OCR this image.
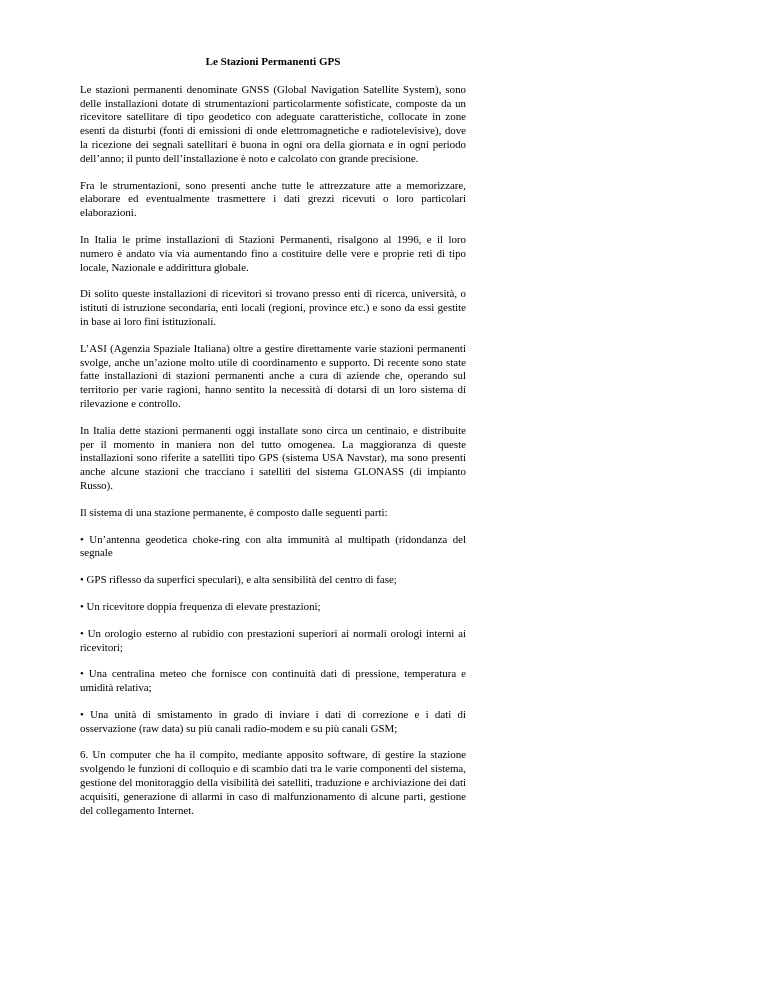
Le Stazioni Permanenti GPS

Le stazioni permanenti denominate GNSS (Global Navigation Satellite System), sono delle installazioni dotate di strumentazioni particolarmente sofisticate, composte da un ricevitore satellitare di tipo geodetico con adeguate caratteristiche, collocate in zone esenti da disturbi (fonti di emissioni di onde elettromagnetiche e radiotelevisive), dove la ricezione dei segnali satellitari è buona in ogni ora della giornata e in ogni periodo dell’anno; il punto dell’installazione è noto e calcolato con grande precisione.

Fra le strumentazioni, sono presenti anche tutte le attrezzature atte a memorizzare, elaborare ed eventualmente trasmettere i dati grezzi ricevuti o loro particolari elaborazioni.

In Italia le prime installazioni di Stazioni Permanenti, risalgono al 1996, e il loro numero è andato via via aumentando fino a costituire delle vere e proprie reti di tipo locale, Nazionale e addirittura globale.

Di solito queste installazioni di ricevitori si trovano presso enti di ricerca, università, o istituti di istruzione secondaria, enti locali (regioni, province etc.) e sono da essi gestite in base ai loro fini istituzionali.

L’ASI (Agenzia Spaziale Italiana) oltre a gestire direttamente varie stazioni permanenti svolge, anche un’azione molto utile di coordinamento e supporto. Di recente sono state fatte installazioni di stazioni permanenti anche a cura di aziende che, operando sul territorio per varie ragioni, hanno sentito la necessità di dotarsi di un loro sistema di rilevazione e controllo.

In Italia dette stazioni permanenti oggi installate sono circa un centinaio, e distribuite per il momento in maniera non del tutto omogenea. La maggioranza di queste installazioni sono riferite a satelliti tipo GPS (sistema USA Navstar), ma sono presenti anche alcune stazioni che tracciano i satelliti del sistema GLONASS (di impianto Russo).

Il sistema di una stazione permanente, è composto dalle seguenti parti:

• Un’antenna geodetica choke-ring con alta immunità al multipath (ridondanza del segnale

• GPS riflesso da superfici speculari), e alta sensibilità del centro di fase;

• Un ricevitore doppia frequenza di elevate prestazioni;

• Un orologio esterno al rubidio con prestazioni superiori ai normali orologi interni ai ricevitori;

• Una centralina meteo che fornisce con continuità dati di pressione, temperatura e umidità relativa;

• Una unità di smistamento in grado di inviare i dati di correzione e i dati di osservazione (raw data) su più canali radio-modem e su più canali GSM;

6. Un computer che ha il compito, mediante apposito software, di gestire la stazione svolgendo le funzioni di colloquio e di scambio dati tra le varie componenti del sistema, gestione del monitoraggio della visibilità dei satelliti, traduzione e archiviazione dei dati acquisiti, generazione di allarmi in caso di malfunzionamento di alcune parti, gestione del collegamento Internet.
